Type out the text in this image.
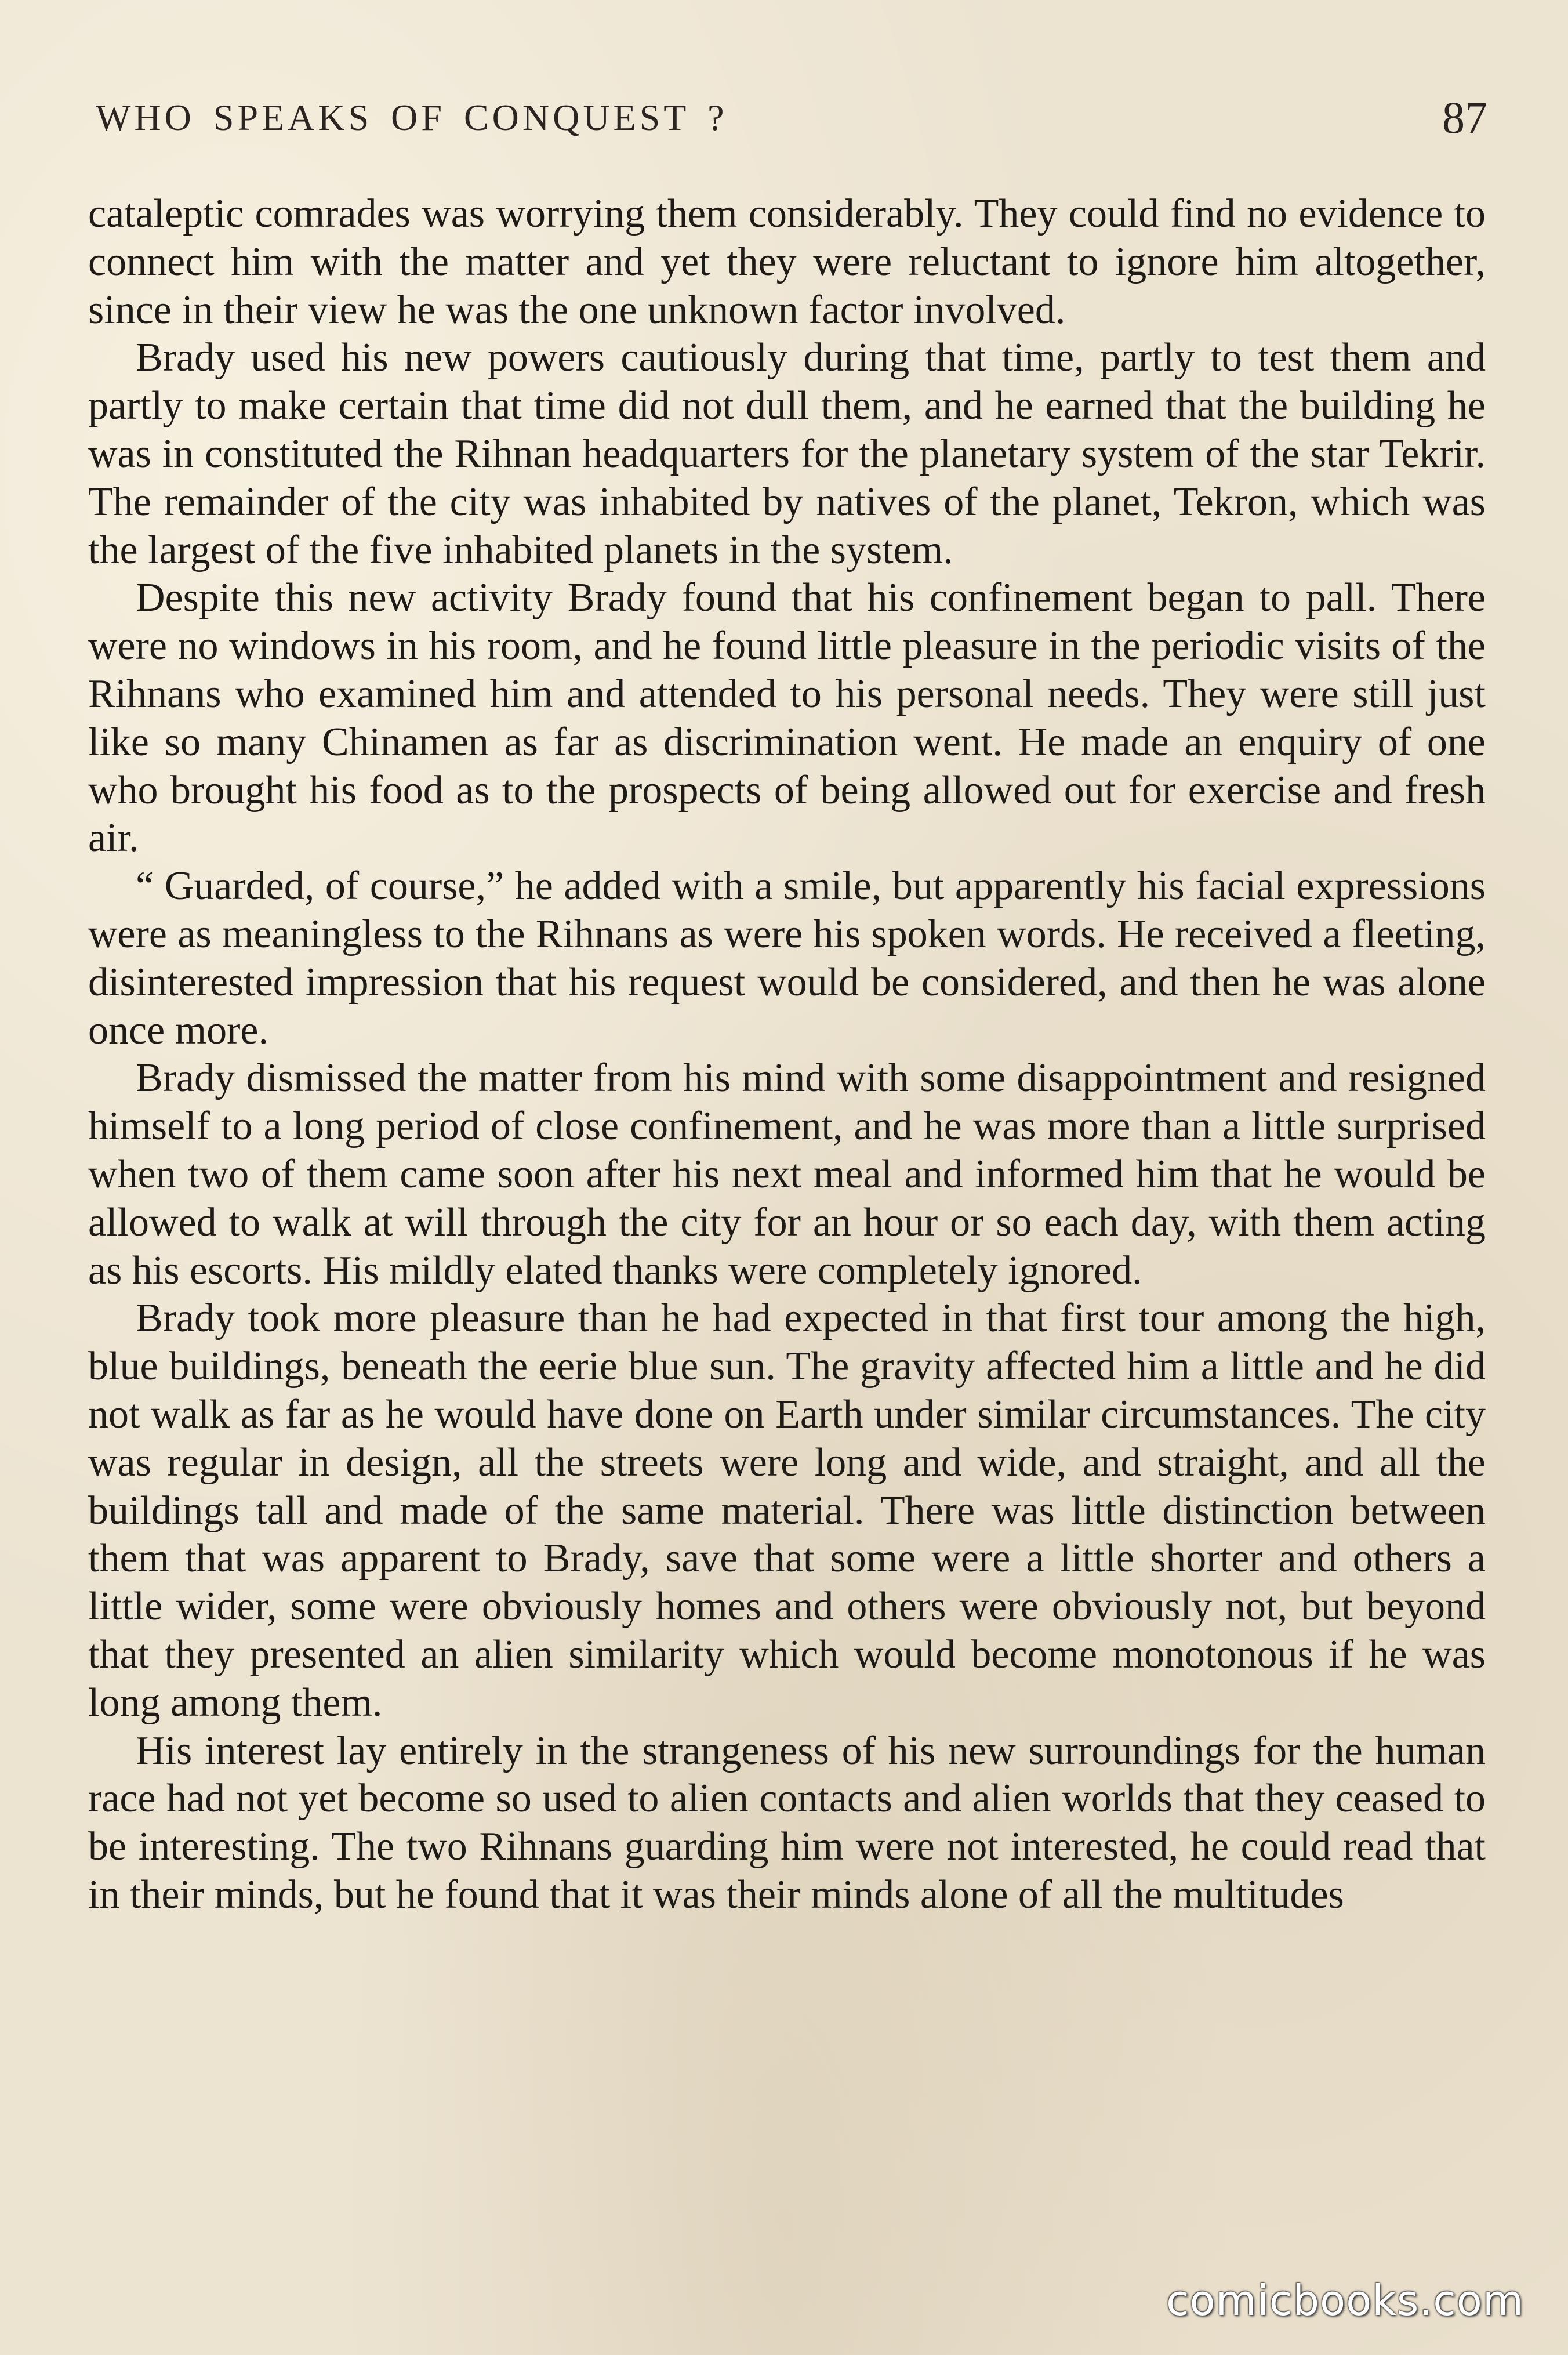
WHO SPEAKS OF CONQUEST ?	87

cataleptic comrades was worrying them considerably. They could find no evidence to connect him with the matter and yet they were reluctant to ignore him altogether, since in their view he was the one unknown factor involved.

Brady used his new powers cautiously during that time, partly to test them and partly to make certain that time did not dull them, and he earned that the building he was in constituted the Rihnan headquarters for the planetary system of the star Tekrir. The remainder of the city was inhabited by natives of the planet, Tekron, which was the largest of the five inhabited planets in the system.

Despite this new activity Brady found that his confinement began to pall. There were no windows in his room, and he found little pleasure in the periodic visits of the Rihnans who examined him and attended to his personal needs. They were still just like so many Chinamen as far as discrimination went. He made an enquiry of one who brought his food as to the prospects of being allowed out for exercise and fresh air.

“ Guarded, of course,” he added with a smile, but apparently his facial expressions were as meaningless to the Rihnans as were his spoken words. He received a fleeting, disinterested impression that his request would be considered, and then he was alone once more.

Brady dismissed the matter from his mind with some disappointment and resigned himself to a long period of close confinement, and he was more than a little surprised when two of them came soon after his next meal and informed him that he would be allowed to walk at will through the city for an hour or so each day, with them acting as his escorts. His mildly elated thanks were completely ignored.

Brady took more pleasure than he had expected in that first tour among the high, blue buildings, beneath the eerie blue sun. The gravity affected him a little and he did not walk as far as he would have done on Earth under similar circumstances. The city was regular in design, all the streets were long and wide, and straight, and all the buildings tall and made of the same material. There was little distinction between them that was apparent to Brady, save that some were a little shorter and others a little wider, some were obviously homes and others were obviously not, but beyond that they presented an alien similarity which would become monotonous if he was long among them.

His interest lay entirely in the strangeness of his new surroundings for the human race had not yet become so used to alien contacts and alien worlds that they ceased to be interesting. The two Rihnans guarding him were not interested, he could read that in their minds, but he found that it was their minds alone of all the multitudes

comicbooks.com
